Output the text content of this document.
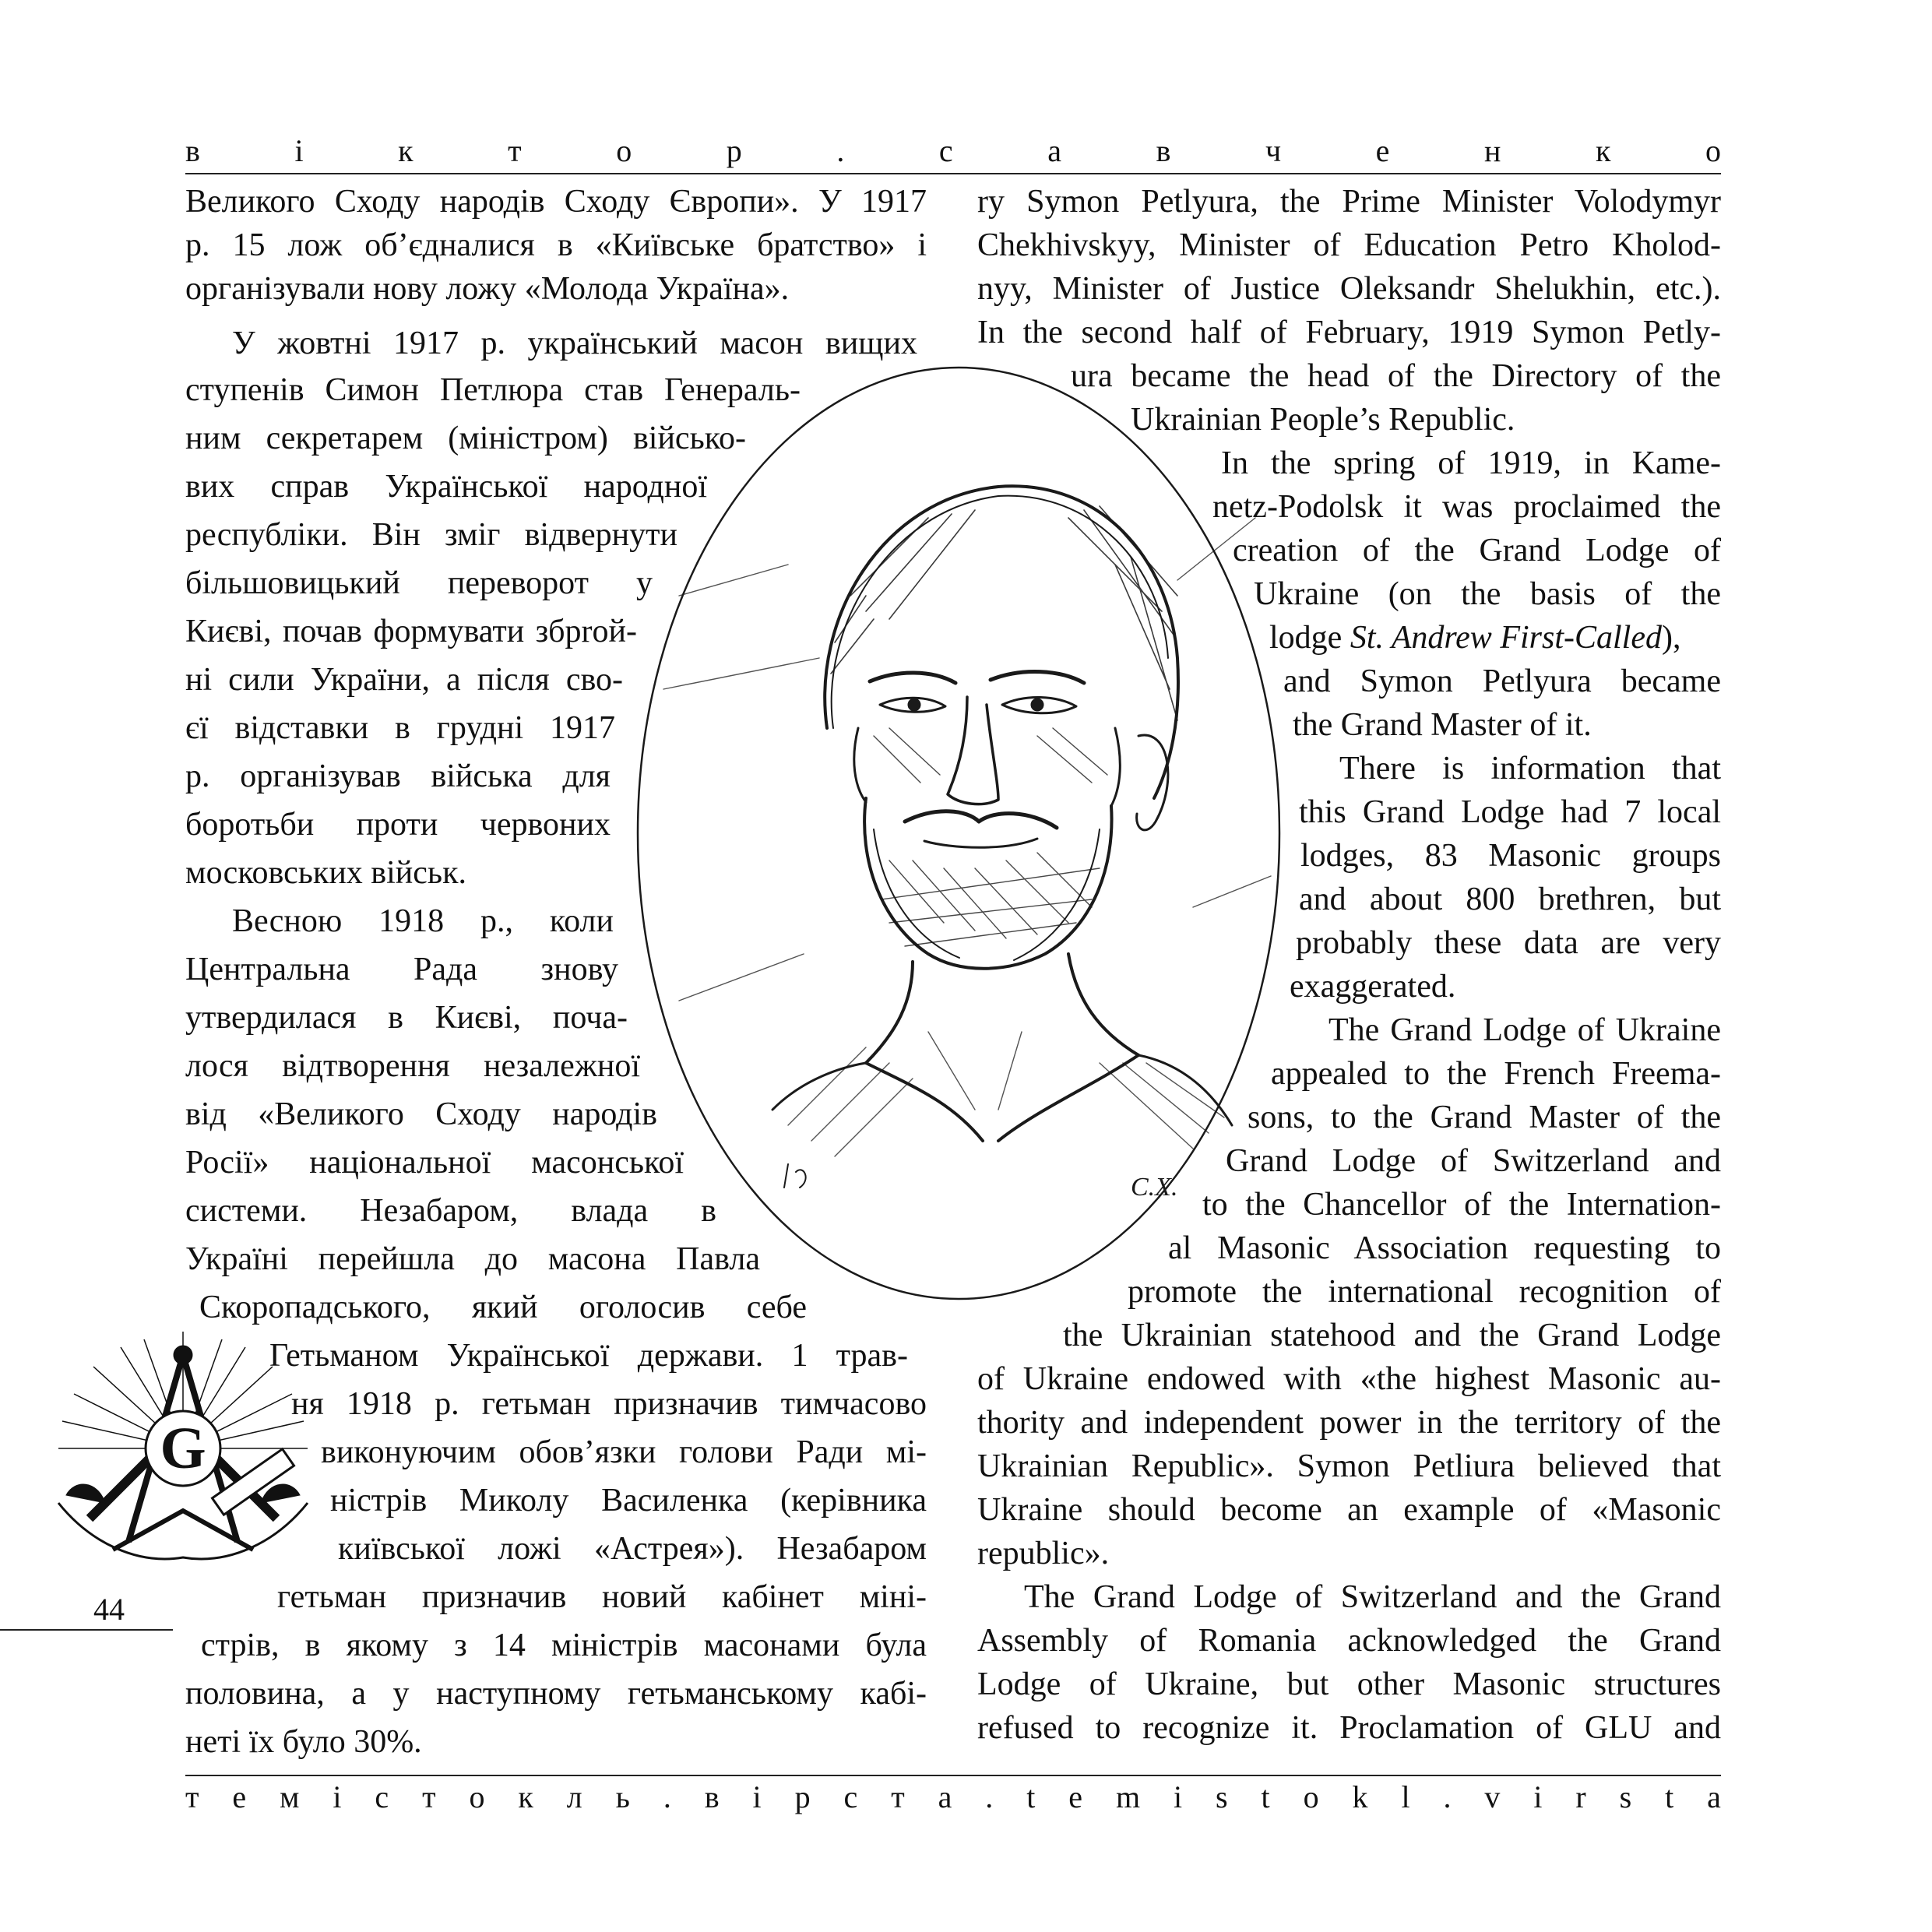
в	і	к	т	о	р	.	с	а	в	ч	е	н	к	о
Великого Сходу народів Сходу Європи». У 1917
р. 15 лож об’єдналися в «Київське братство» і
організували нову ложу «Молода Україна».
У жовтні 1917 р. український масон вищих
ступенів Симон Петлюра став Генераль-
ним секретарем (міністром) військо-
вих справ Української народної
республіки. Він зміг відвернути
більшовицький переворот у
Києві, почав формувати збрrой-
ні сили України, а після сво-
єї відставки в грудні 1917
р. організував війська для
боротьби проти червоних
московських військ.
Весною 1918 р., коли
Центральна Рада знову
утвердилася в Києві, поча-
лося відтворення незалежної
від «Великого Сходу народів
Росії» національної масонської
системи. Незабаром, влада в
Україні перейшла до масона Павла
Скоропадського, який оголосив себе
Гетьманом Української держави. 1 трав-
ня 1918 р. гетьман призначив тимчасово
виконуючим обов’язки голови Ради мі-
ністрів Миколу Василенка (керівника
київської ложі «Астрея»). Незабаром
гетьман призначив новий кабінет міні-
стрів, в якому з 14 міністрів масонами була
половина, а у наступному гетьманському кабі-
неті їх було 30%.
ry Symon Petlyura, the Prime Minister Volodymyr
Chekhivskyy, Minister of Education Petro Kholod-
nyy, Minister of Justice Oleksandr Shelukhin, etc.).
In the second half of February, 1919 Symon Petly-
ura became the head of the Directory of the
Ukrainian People’s Republic.
In the spring of 1919, in Kame-
netz-Podolsk it was proclaimed the
creation of the Grand Lodge of
Ukraine (on the basis of the
lodge St. Andrew First-Called),
and Symon Petlyura became
the Grand Master of it.
There is information that
this Grand Lodge had 7 local
lodges, 83 Masonic groups
and about 800 brethren, but
probably these data are very
exaggerated.
The Grand Lodge of Ukraine
appealed to the French Freema-
sons, to the Grand Master of the
Grand Lodge of Switzerland and
to the Chancellor of the Internation-
al Masonic Association requesting to
promote the international recognition of
the Ukrainian statehood and the Grand Lodge
of Ukraine endowed with «the highest Masonic au-
thority and independent power in the territory of the
Ukrainian Republic». Symon Petliura believed that
Ukraine should become an example of «Masonic
republic».
The Grand Lodge of Switzerland and the Grand
Assembly of Romania acknowledged the Grand
Lodge of Ukraine, but other Masonic structures
refused to recognize it. Proclamation of GLU and
С.Х.
G
44
т е м і с т о к л ь . в і р с т а . t e m i s t o k l . v i r s t a
